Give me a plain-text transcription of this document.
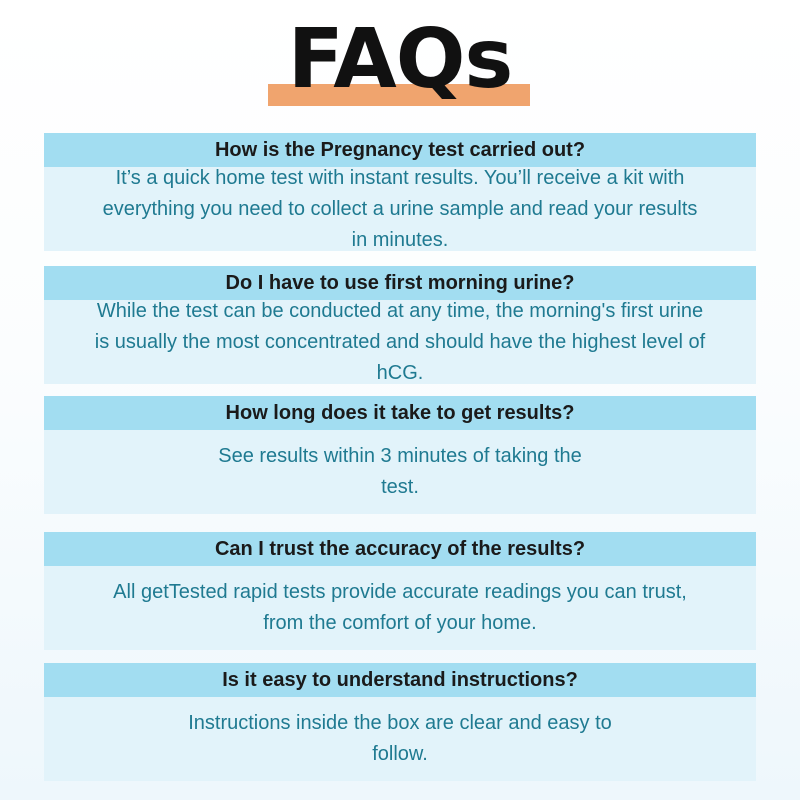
FAQs
How is the Pregnancy test carried out?
It’s a quick home test with instant results. You’ll receive a kit with everything you need to collect a urine sample and read your results in minutes.
Do I have to use first morning urine?
While the test can be conducted at any time, the morning's first urine is usually the most concentrated and should have the highest level of hCG.
How long does it take to get results?
See results within 3 minutes of taking the test.
Can I trust the accuracy of the results?
All getTested rapid tests provide accurate readings you can trust, from the comfort of your home.
Is it easy to understand instructions?
Instructions inside the box are clear and easy to follow.
